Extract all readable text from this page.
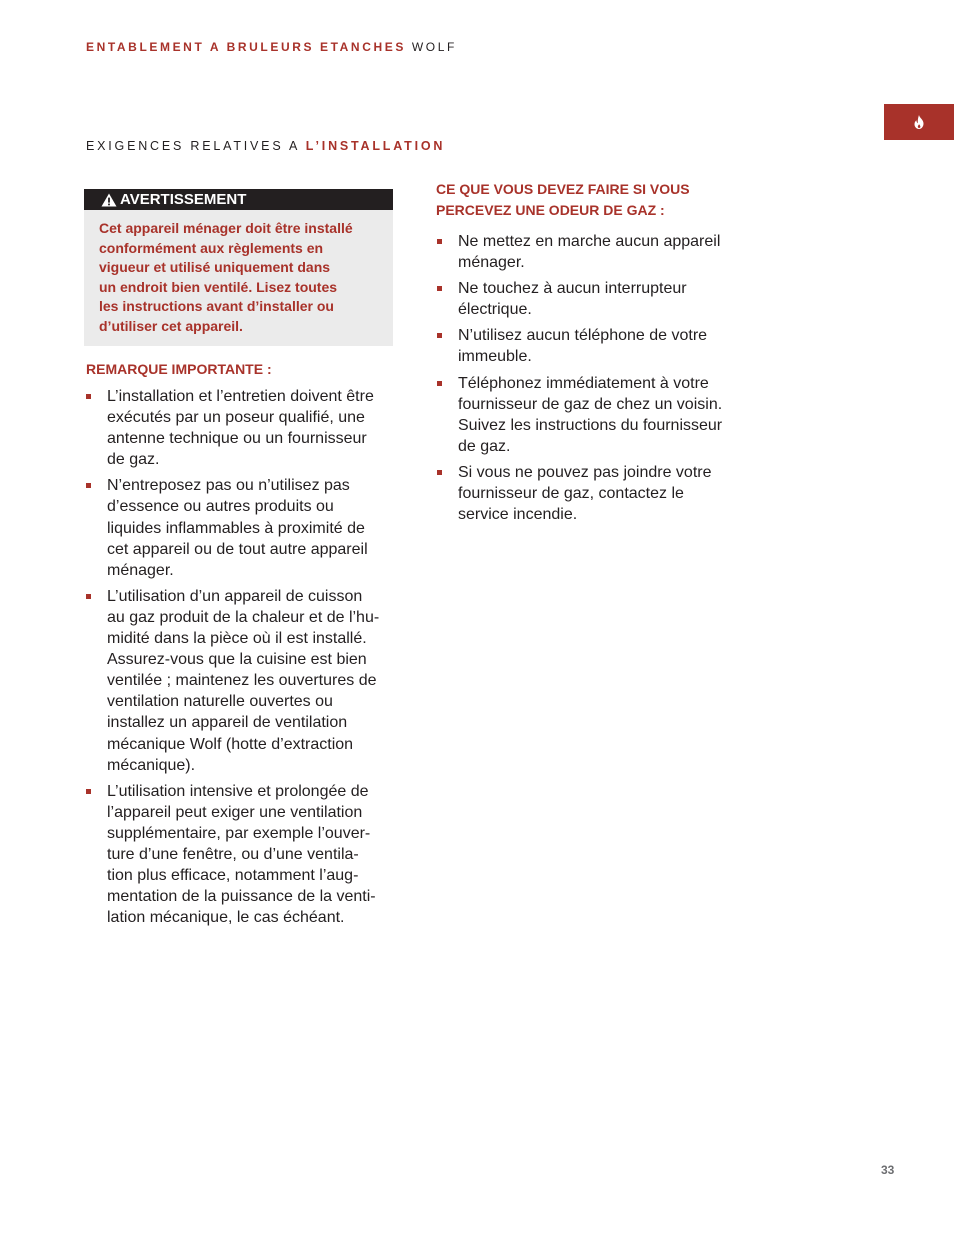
ENTABLEMENT A BRULEURS ETANCHES WOLF
EXIGENCES RELATIVES A L’INSTALLATION
AVERTISSEMENT
Cet appareil ménager doit être installé
conformément aux règlements en
vigueur et utilisé uniquement dans
un endroit bien ventilé. Lisez toutes
les instructions avant d’installer ou
d’utiliser cet appareil.
REMARQUE IMPORTANTE :
L’installation et l’entretien doivent être
exécutés par un poseur qualifié, une
antenne technique ou un fournisseur
de gaz.
N’entreposez pas ou n’utilisez pas
d’essence ou autres produits ou
liquides inflammables à proximité de
cet appareil ou de tout autre appareil
ménager.
L’utilisation d’un appareil de cuisson
au gaz produit de la chaleur et de l’hu-
midité dans la pièce où il est installé.
Assurez-vous que la cuisine est bien
ventilée ; maintenez les ouvertures de
ventilation naturelle ouvertes ou
installez un appareil de ventilation
mécanique Wolf (hotte d’extraction
mécanique).
L’utilisation intensive et prolongée de
l’appareil peut exiger une ventilation
supplémentaire, par exemple l’ouver-
ture d’une fenêtre, ou d’une ventila-
tion plus efficace, notamment l’aug-
mentation de la puissance de la venti-
lation mécanique, le cas échéant.
CE QUE VOUS DEVEZ FAIRE SI VOUS
PERCEVEZ UNE ODEUR DE GAZ :
Ne mettez en marche aucun appareil
ménager.
Ne touchez à aucun interrupteur
électrique.
N’utilisez aucun téléphone de votre
immeuble.
Téléphonez immédiatement à votre
fournisseur de gaz de chez un voisin.
Suivez les instructions du fournisseur
de gaz.
Si vous ne pouvez pas joindre votre
fournisseur de gaz, contactez le
service incendie.
33
